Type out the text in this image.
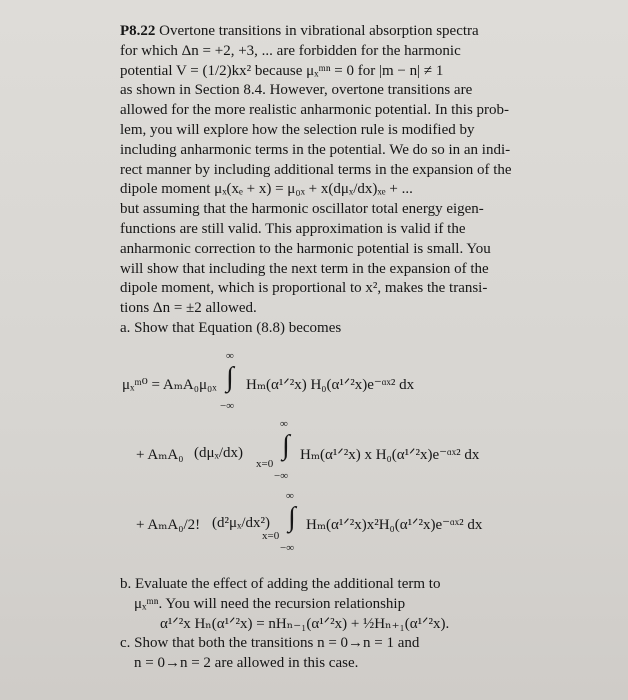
P8.22 Overtone transitions in vibrational absorption spectra
for which Δn = +2, +3, ... are forbidden for the harmonic
potential V = (1/2)kx² because μₓᵐⁿ = 0 for |m − n| ≠ 1
as shown in Section 8.4. However, overtone transitions are
allowed for the more realistic anharmonic potential. In this prob-
lem, you will explore how the selection rule is modified by
including anharmonic terms in the potential. We do so in an indi-
rect manner by including additional terms in the expansion of the
dipole moment μₓ(xₑ + x) = μ₀ₓ + x(dμₓ/dx)ₓₑ + ...
but assuming that the harmonic oscillator total energy eigen-
functions are still valid. This approximation is valid if the
anharmonic correction to the harmonic potential is small. You
will show that including the next term in the expansion of the
dipole moment, which is proportional to x², makes the transi-
tions Δn = ±2 allowed.
a. Show that Equation (8.8) becomes
∞
μₓᵐ⁰ = AₘA₀μ₀ₓ ∫ Hₘ(α¹ᐟ²x) H₀(α¹ᐟ²x)e⁻ᵅˣ² dx
−∞
∞
+ AₘA₀ (dμₓ/dx)
x=0
∫ Hₘ(α¹ᐟ²x) x H₀(α¹ᐟ²x)e⁻ᵅˣ² dx
−∞
∞
+ AₘA₀/2! (d²μₓ/dx²)
x=0
∫ Hₘ(α¹ᐟ²x)x²H₀(α¹ᐟ²x)e⁻ᵅˣ² dx
−∞
b. Evaluate the effect of adding the additional term to
μₓᵐⁿ. You will need the recursion relationship
α¹ᐟ²x Hₙ(α¹ᐟ²x) = nHₙ₋₁(α¹ᐟ²x) + ½Hₙ₊₁(α¹ᐟ²x).
c. Show that both the transitions n = 0→n = 1 and
n = 0→n = 2 are allowed in this case.
